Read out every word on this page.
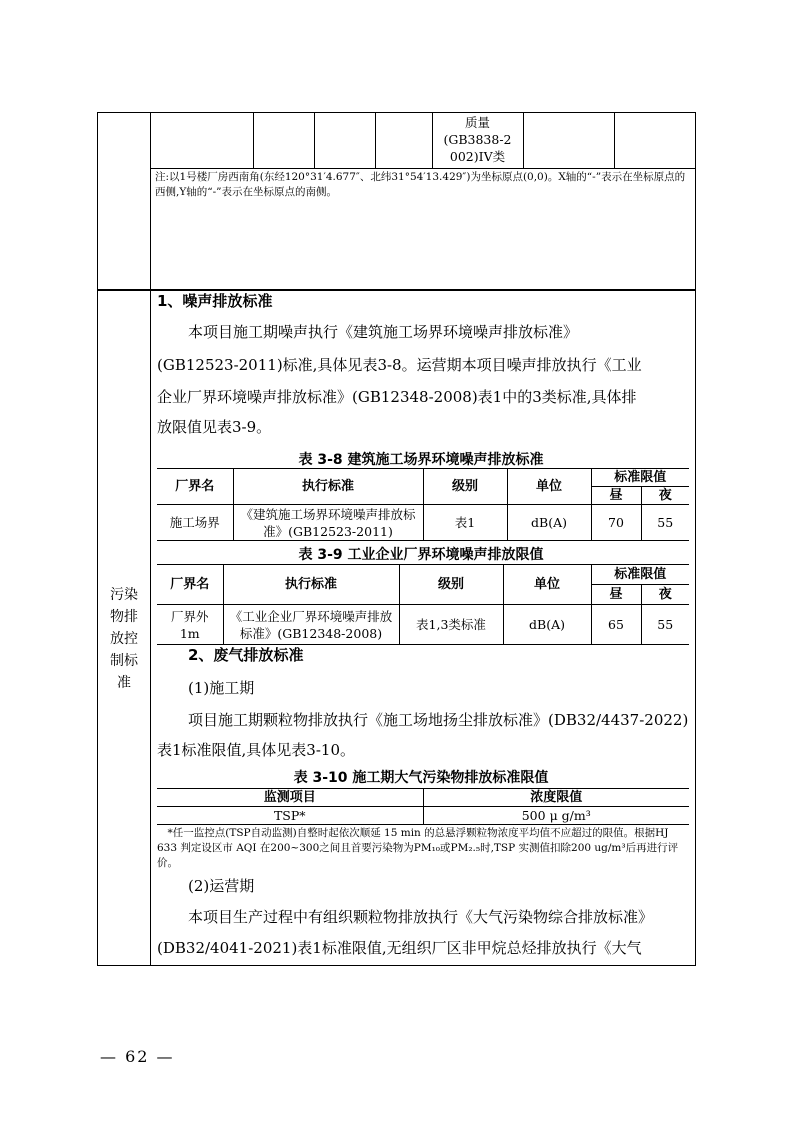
质量
(GB3838-2
002)IV类
注:以1号楼厂房西南角(东经120°31′4.677″、北纬31°54′13.429″)为坐标原点(0,0)。X轴的“-”表示在坐标原点的西侧,Y轴的“-”表示在坐标原点的南侧。
污染
物排
放控
制标
准
1、噪声排放标准
本项目施工期噪声执行《建筑施工场界环境噪声排放标准》
(GB12523-2011)标准,具体见表3-8。运营期本项目噪声排放执行《工业
企业厂界环境噪声排放标准》(GB12348-2008)表1中的3类标准,具体排
放限值见表3-9。
表 3-8 建筑施工场界环境噪声排放标准
厂界名	执行标准	级别	单位	标准限值	
				昼	夜
施工场界	《建筑施工场界环境噪声排放标准》(GB12523-2011)	表1	dB(A)	70	55
表 3-9 工业企业厂界环境噪声排放限值
厂界名	执行标准	级别	单位	标准限值	
				昼	夜
厂界外1m	《工业企业厂界环境噪声排放标准》(GB12348-2008)	表1,3类标准	dB(A)	65	55
2、废气排放标准
(1)施工期
项目施工期颗粒物排放执行《施工场地扬尘排放标准》(DB32/4437-2022)
表1标准限值,具体见表3-10。
表 3-10 施工期大气污染物排放标准限值
监测项目	浓度限值
TSP*	500 μ g/m³
*任一监控点(TSP自动监测)自整时起依次顺延 15 min 的总悬浮颗粒物浓度平均值不应超过的限值。根据HJ 633 判定设区市 AQI 在200~300之间且首要污染物为PM₁₀或PM₂.₅时,TSP 实测值扣除200 ug/m³后再进行评价。
(2)运营期
本项目生产过程中有组织颗粒物排放执行《大气污染物综合排放标准》
(DB32/4041-2021)表1标准限值,无组织厂区非甲烷总烃排放执行《大气
— 62 —
